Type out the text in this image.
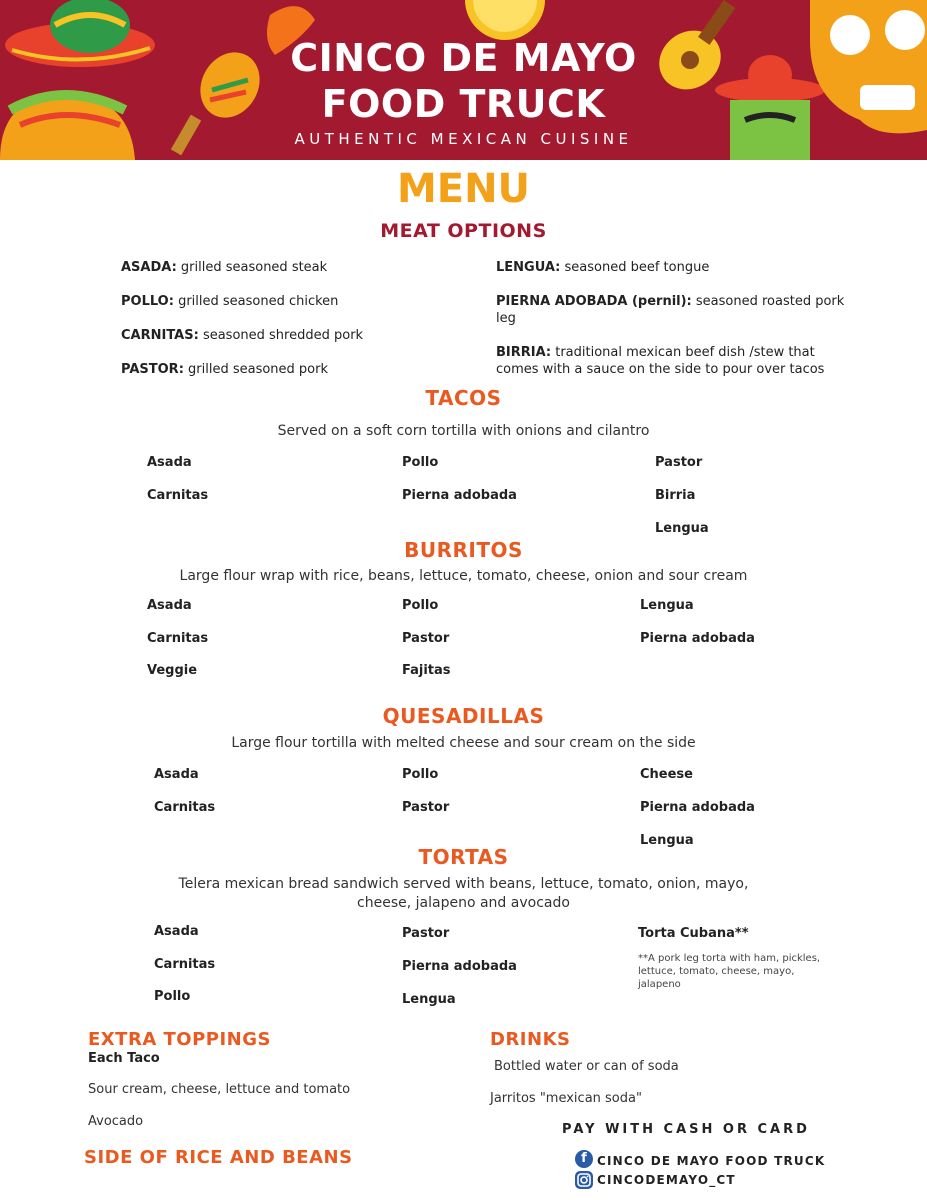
CINCO DE MAYO
FOOD TRUCK
AUTHENTIC MEXICAN CUISINE
MENU
MEAT OPTIONS
ASADA: grilled seasoned steak
POLLO: grilled seasoned chicken
CARNITAS: seasoned shredded pork
PASTOR: grilled seasoned pork
LENGUA: seasoned beef tongue
PIERNA ADOBADA (pernil): seasoned roasted pork leg
BIRRIA: traditional mexican beef dish /stew that comes with a sauce on the side to pour over tacos
TACOS
Served on a soft corn tortilla with onions and cilantro
Asada
Carnitas
Pollo
Pierna adobada
Pastor
Birria
Lengua
BURRITOS
Large flour wrap with rice, beans, lettuce, tomato, cheese, onion and sour cream
Asada
Carnitas
Veggie
Pollo
Pastor
Fajitas
Lengua
Pierna adobada
QUESADILLAS
Large flour tortilla with melted cheese and sour cream on the side
Asada
Carnitas
Pollo
Pastor
Cheese
Pierna adobada
Lengua
TORTAS
Telera mexican bread sandwich served with beans, lettuce, tomato, onion, mayo,
cheese, jalapeno and avocado
Asada
Carnitas
Pollo
Pastor
Pierna adobada
Lengua
Torta Cubana**
**A pork leg torta with ham, pickles,
lettuce, tomato, cheese, mayo,
jalapeno
EXTRA TOPPINGS
Each Taco
Sour cream, cheese, lettuce and tomato
Avocado
SIDE OF RICE AND BEANS
DRINKS
Bottled water or can of soda
Jarritos "mexican soda"
PAY WITH CASH OR CARD
f CINCO DE MAYO FOOD TRUCK
CINCODEMAYO_CT
